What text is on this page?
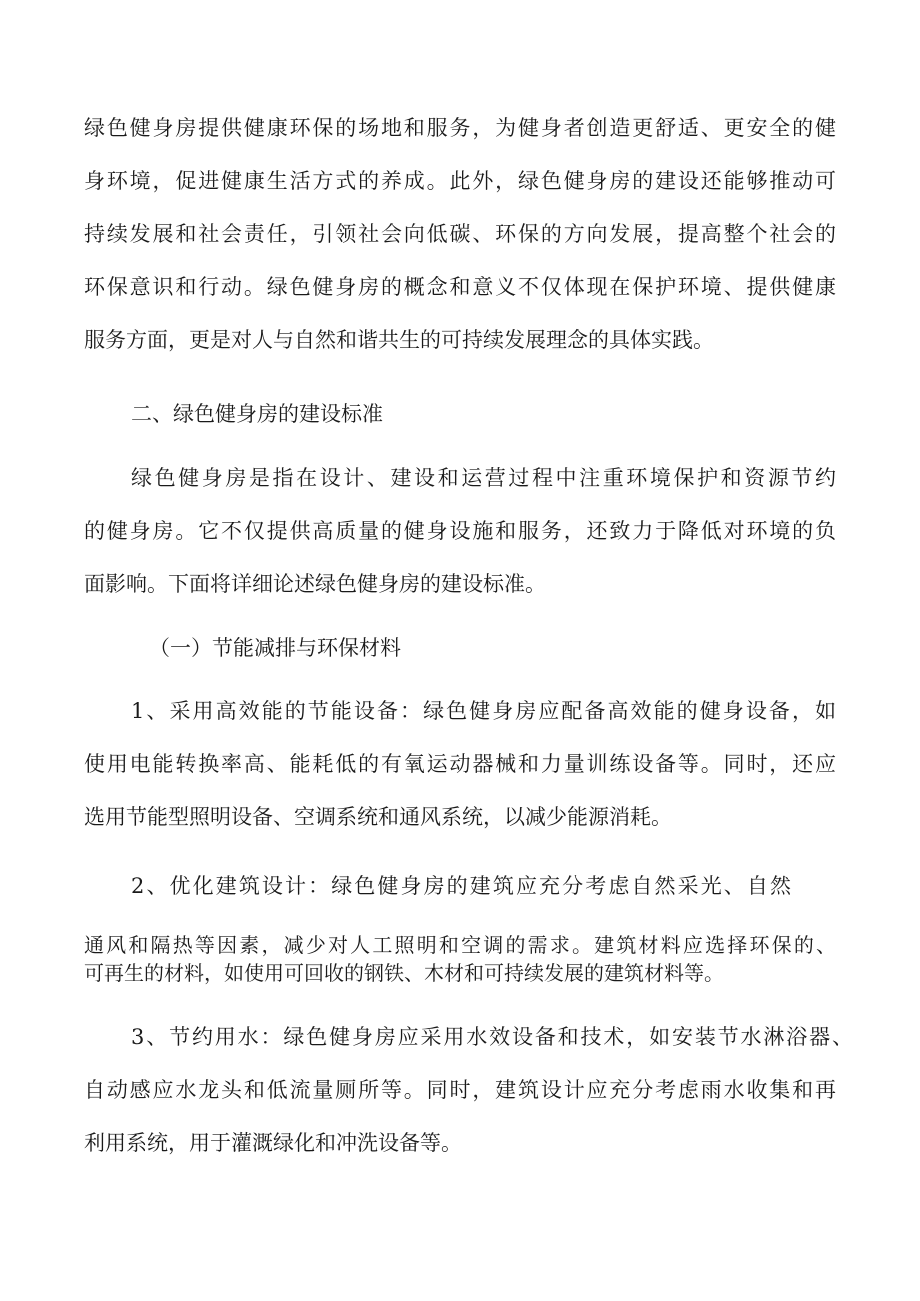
绿色健身房提供健康环保的场地和服务，为健身者创造更舒适、更安全的健

身环境，促进健康生活方式的养成。此外，绿色健身房的建设还能够推动可

持续发展和社会责任，引领社会向低碳、环保的方向发展，提高整个社会的

环保意识和行动。绿色健身房的概念和意义不仅体现在保护环境、提供健康

服务方面，更是对人与自然和谐共生的可持续发展理念的具体实践。

二、绿色健身房的建设标准

绿色健身房是指在设计、建设和运营过程中注重环境保护和资源节约

的健身房。它不仅提供高质量的健身设施和服务，还致力于降低对环境的负

面影响。下面将详细论述绿色健身房的建设标准。

（一）节能减排与环保材料

1、采用高效能的节能设备：绿色健身房应配备高效能的健身设备，如

使用电能转换率高、能耗低的有氧运动器械和力量训练设备等。同时，还应

选用节能型照明设备、空调系统和通风系统，以减少能源消耗。

2、优化建筑设计：绿色健身房的建筑应充分考虑自然采光、自然

通风和隔热等因素，减少对人工照明和空调的需求。建筑材料应选择环保的、

可再生的材料，如使用可回收的钢铁、木材和可持续发展的建筑材料等。

3、节约用水：绿色健身房应采用水效设备和技术，如安装节水淋浴器、

自动感应水龙头和低流量厕所等。同时，建筑设计应充分考虑雨水收集和再

利用系统，用于灌溉绿化和冲洗设备等。
